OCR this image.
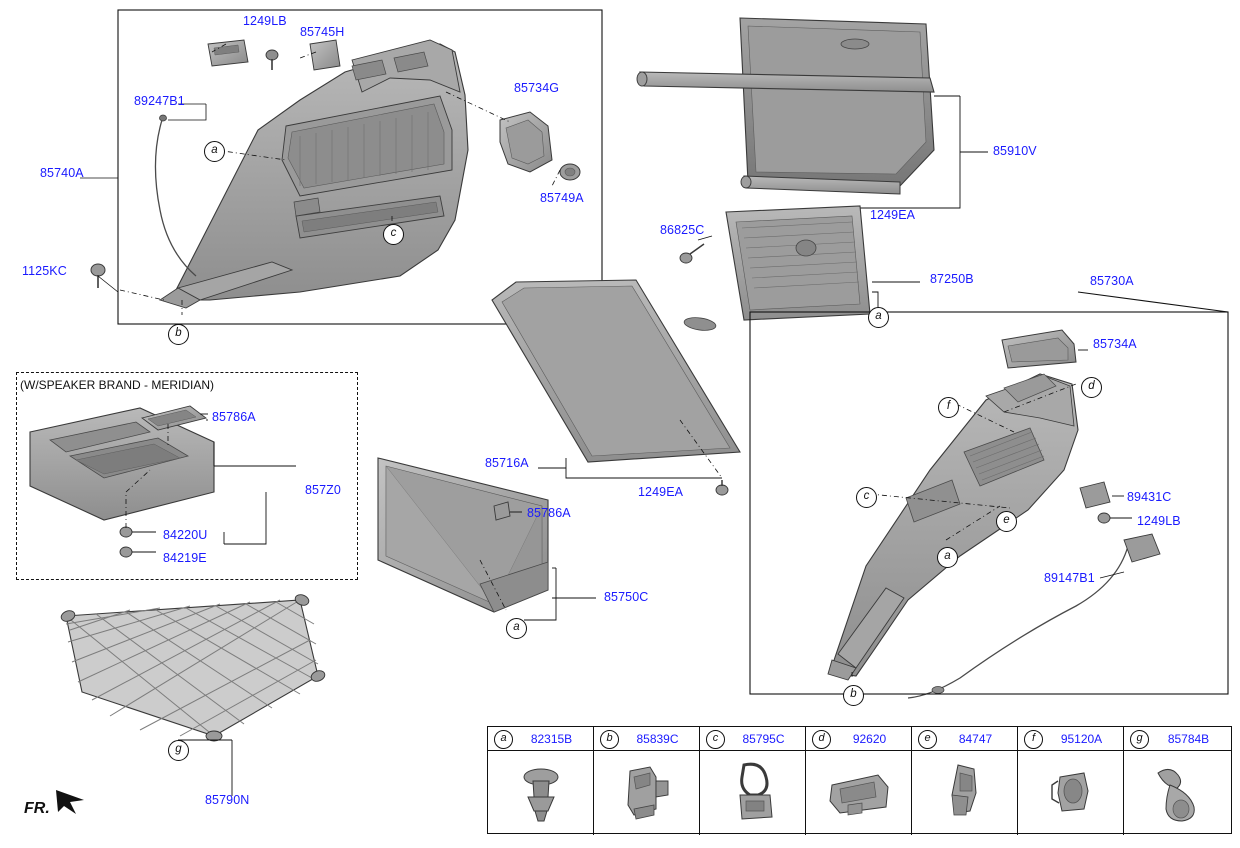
(W/SPEAKER BRAND - MERIDIAN)
1249LB
85745H
85734G
89247B1
85740A
85749A
1125KC
85910V
1249EA
86825C
87250B	85730A
85734A
85786A
857Z0
84220U
84219E
85716A
1249EA
85786A
89431C
1249LB
89147B1
85750C
85790N
a
c
b
a
d
f
c
e
a
b
a
g
FR.
a	82315B	b	85839C	c	85795C	d	92620	e	84747	f	95120A	g	85784B
